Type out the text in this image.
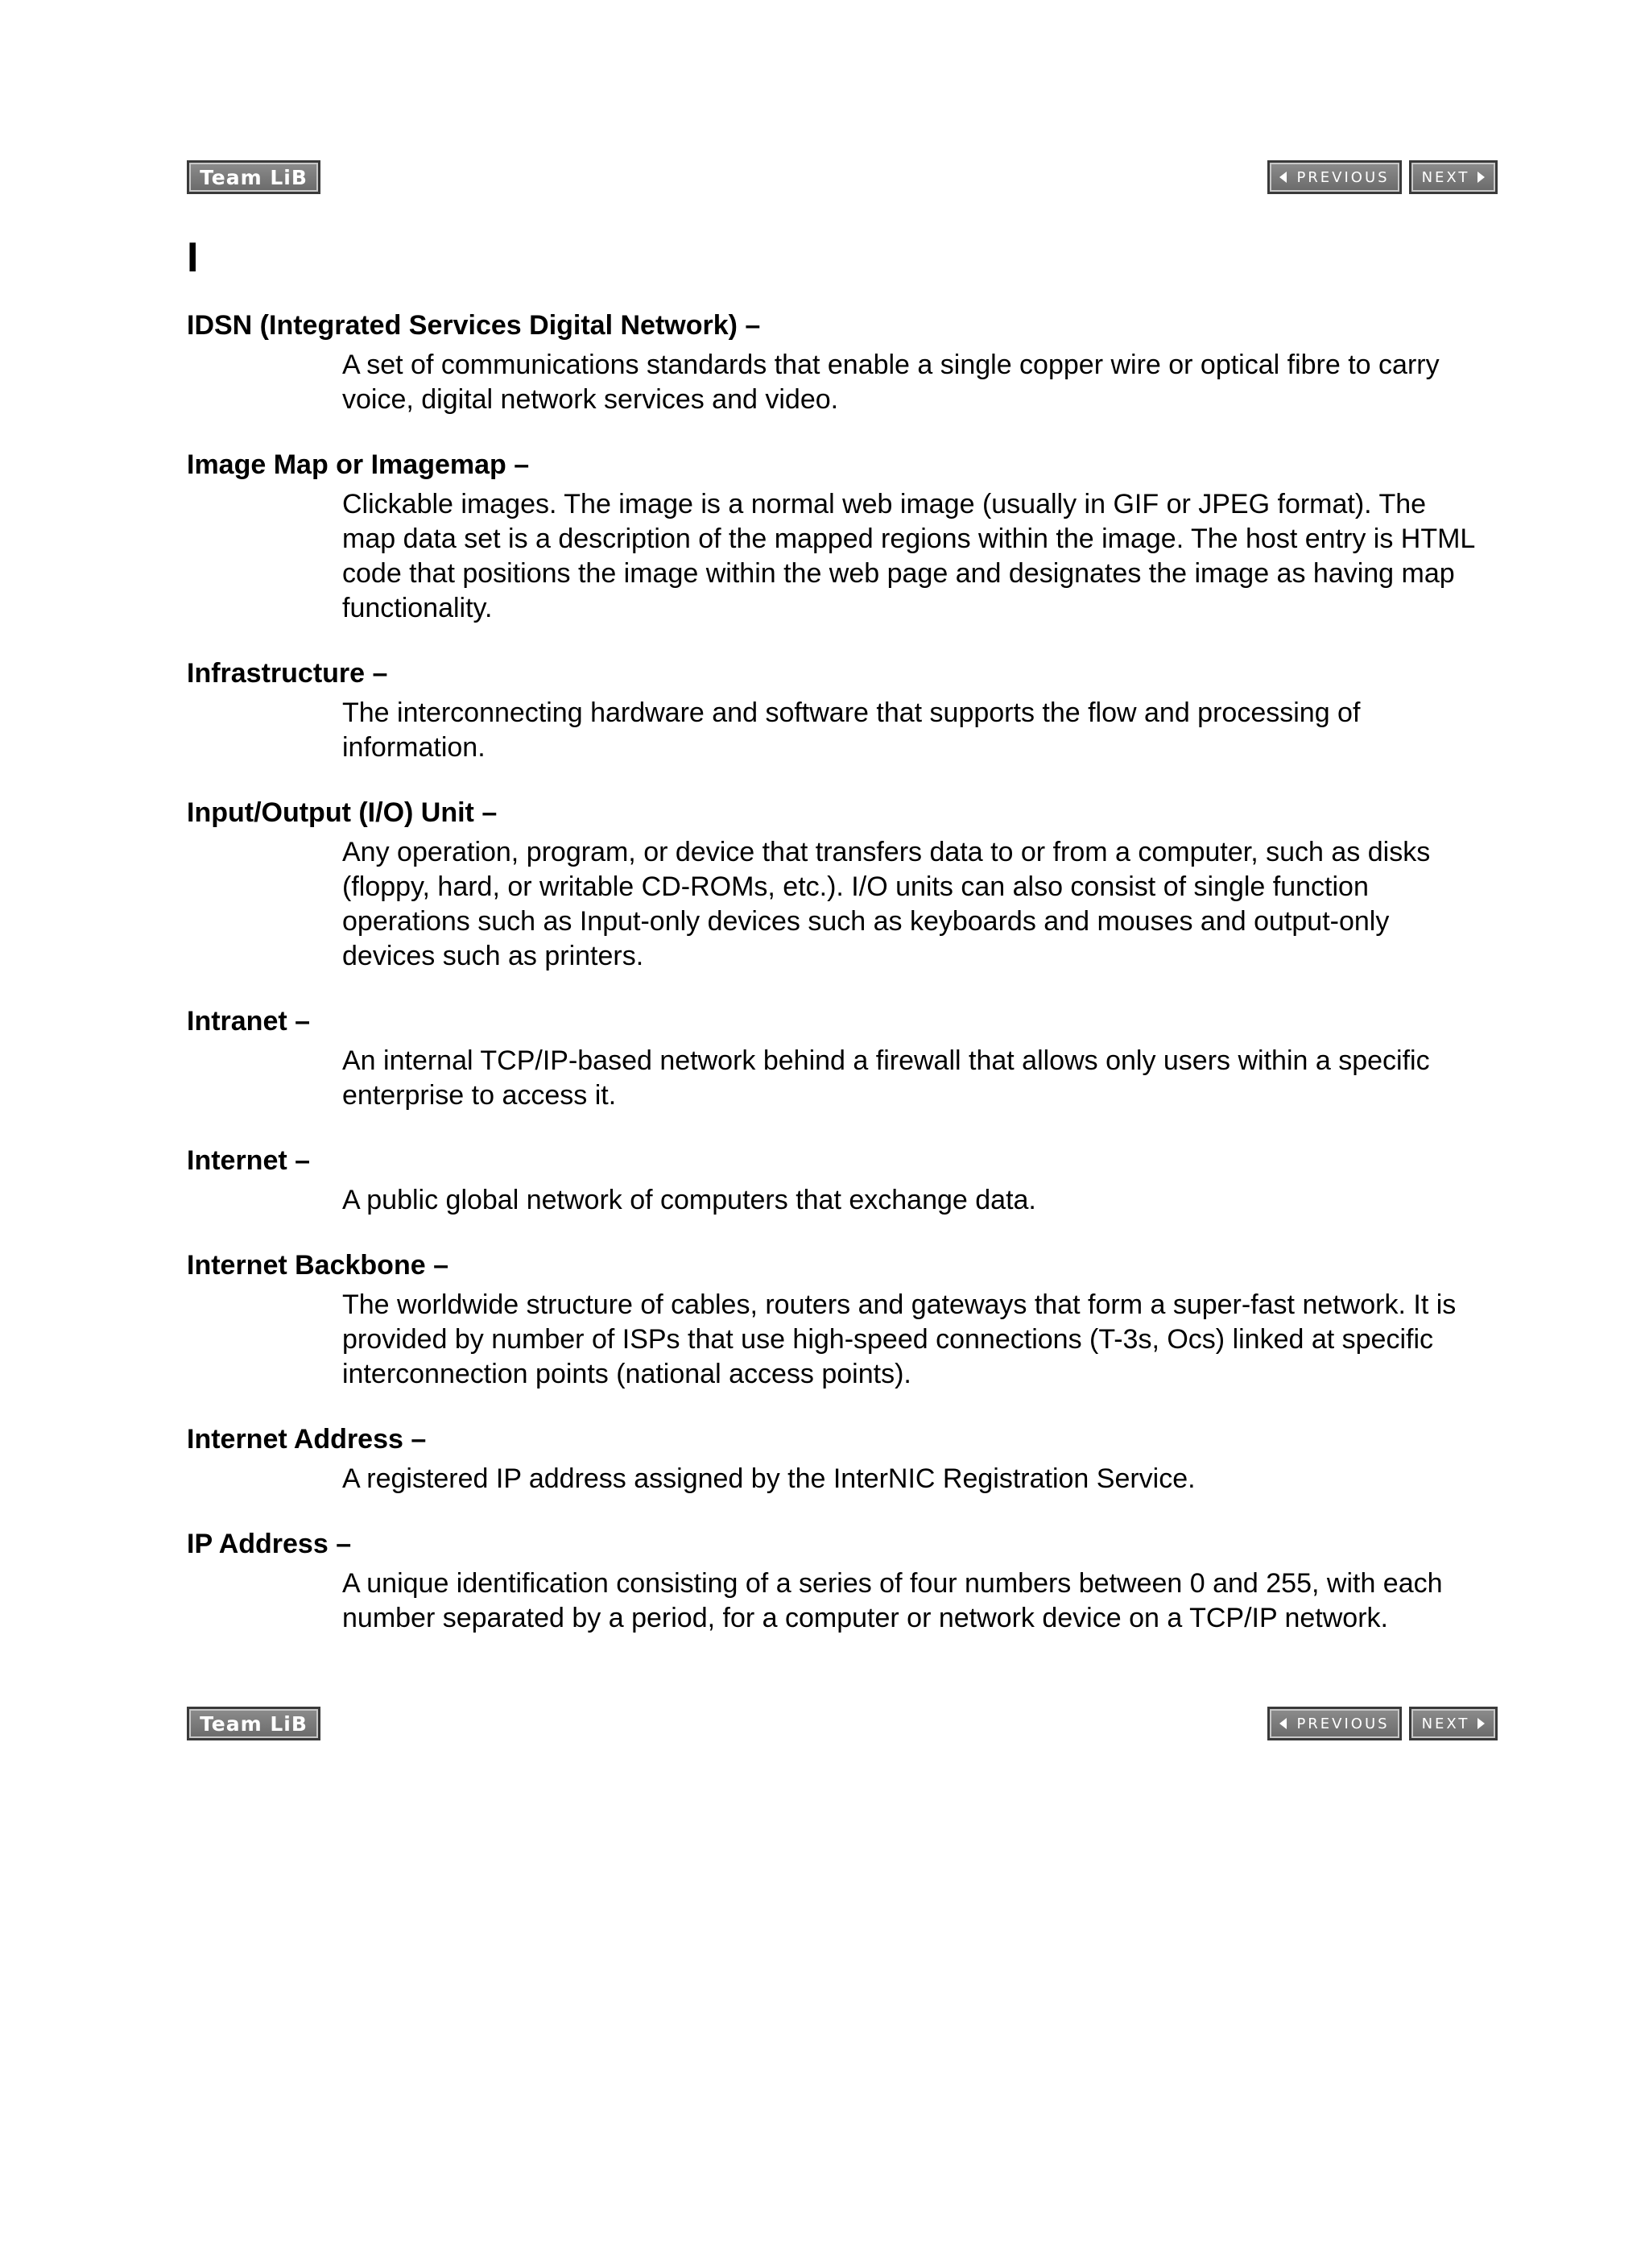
Team LiB	PREVIOUS NEXT
I

IDSN (Integrated Services Digital Network) –

A set of communications standards that enable a single copper wire or optical fibre to carry voice, digital network services and video.

Image Map or Imagemap –

Clickable images. The image is a normal web image (usually in GIF or JPEG format). The map data set is a description of the mapped regions within the image. The host entry is HTML code that positions the image within the web page and designates the image as having map functionality.

Infrastructure –

The interconnecting hardware and software that supports the flow and processing of information.

Input/Output (I/O) Unit –

Any operation, program, or device that transfers data to or from a computer, such as disks (floppy, hard, or writable CD-ROMs, etc.). I/O units can also consist of single function operations such as Input-only devices such as keyboards and mouses and output-only devices such as printers.

Intranet –

An internal TCP/IP-based network behind a firewall that allows only users within a specific enterprise to access it.

Internet –

A public global network of computers that exchange data.

Internet Backbone –

The worldwide structure of cables, routers and gateways that form a super-fast network. It is provided by number of ISPs that use high-speed connections (T-3s, Ocs) linked at specific interconnection points (national access points).

Internet Address –

A registered IP address assigned by the InterNIC Registration Service.

IP Address –

A unique identification consisting of a series of four numbers between 0 and 255, with each number separated by a period, for a computer or network device on a TCP/IP network.

Team LiB	PREVIOUS NEXT
